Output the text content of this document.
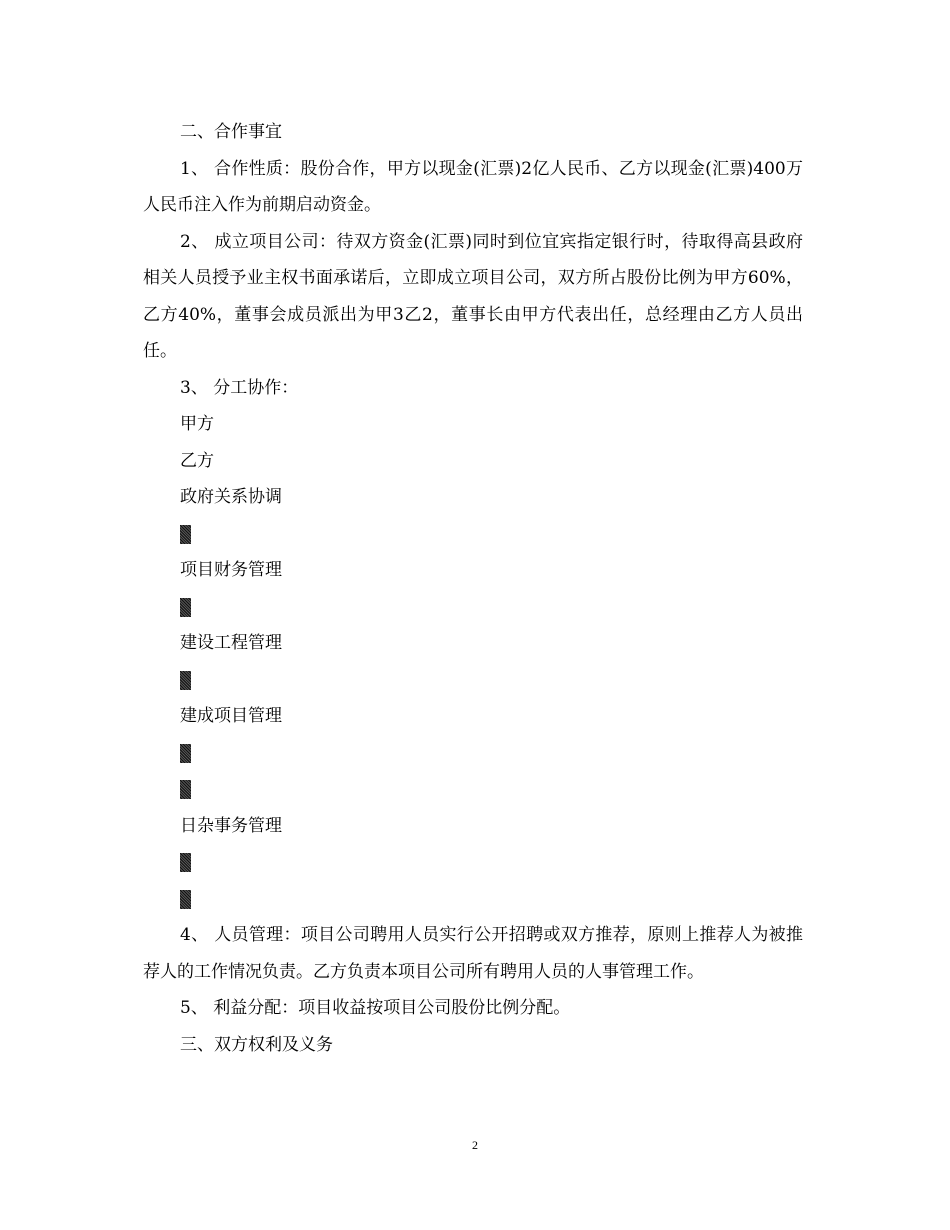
二、合作事宜

1、 合作性质：股份合作，甲方以现金(汇票)2亿人民币、乙方以现金(汇票)400万人民币注入作为前期启动资金。

2、 成立项目公司：待双方资金(汇票)同时到位宜宾指定银行时，待取得高县政府相关人员授予业主权书面承诺后，立即成立项目公司，双方所占股份比例为甲方60%，乙方40%，董事会成员派出为甲3乙2，董事长由甲方代表出任，总经理由乙方人员出任。

3、 分工协作：

甲方

乙方

政府关系协调

项目财务管理

建设工程管理

建成项目管理

日杂事务管理

4、 人员管理：项目公司聘用人员实行公开招聘或双方推荐，原则上推荐人为被推荐人的工作情况负责。乙方负责本项目公司所有聘用人员的人事管理工作。

5、 利益分配：项目收益按项目公司股份比例分配。

三、双方权利及义务

2
